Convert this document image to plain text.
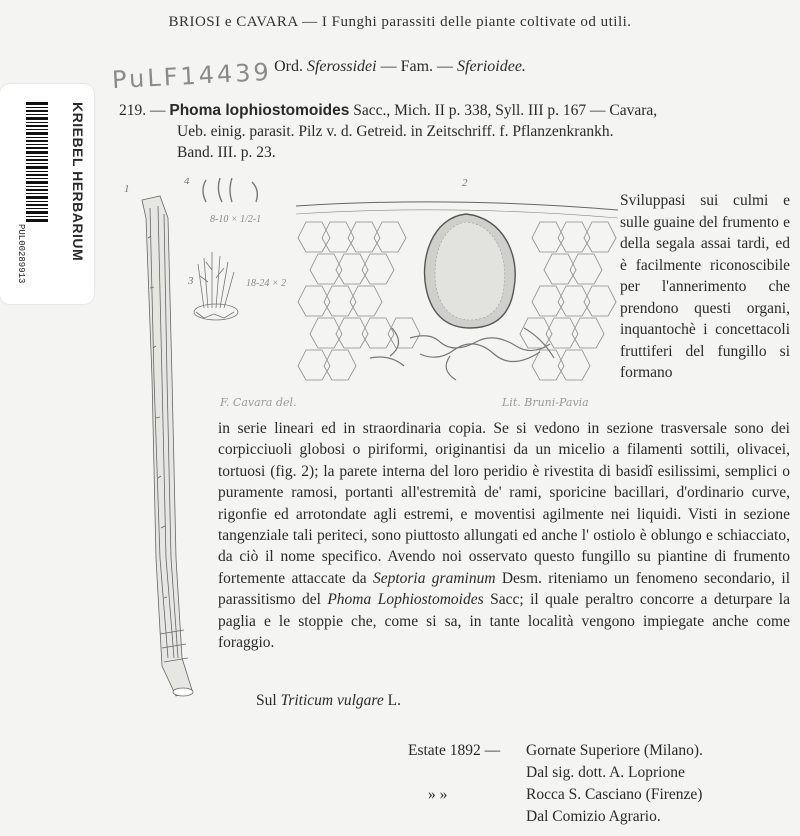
BRIOSI e CAVARA — I Funghi parassiti delle piante coltivate od utili.
Ord. Sferossidei — Fam. — Sferioidee.
PuLF14439
PUL00289913	KRIEBEL HERBARIUM 219. — Phoma lophiostomoides Sacc., Mich. II p. 338, Syll. III p. 167 — Cavara,
Ueb. einig. parasit. Pilz v. d. Getreid. in Zeitschriff. f. Pflanzenkrankh.
Band. III. p. 23.
1	2
3
4
8-10 × 1/2-1
18-24 × 2
F. Cavara del.	Lit. Bruni-Pavia
Sviluppasi sui culmi e sulle guaine del frumento e della segala assai tardi, ed è facilmente riconoscibile per l'annerimento che prendono questi organi, inquantochè i concettacoli fruttiferi del fungillo si formano
in serie lineari ed in straordinaria copia. Se si vedono in sezione trasversale sono dei corpicciuoli globosi o piriformi, originantisi da un micelio a filamenti sottili, olivacei, tortuosi (fig. 2); la parete interna del loro peridio è rivestita di basidî esilissimi, semplici o puramente ramosi, portanti all'estremità de' rami, sporicine bacillari, d'ordinario curve, rigonfie ed arrotondate agli estremi, e moventisi agilmente nei liquidi. Visti in sezione tangenziale tali periteci, sono piuttosto allungati ed anche l' ostiolo è oblungo e schiacciato, da ciò il nome specifico. Avendo noi osservato questo fungillo su piantine di frumento fortemente attaccate da Septoria graminum Desm. riteniamo un fenomeno secondario, il parassitismo del Phoma Lophiostomoides Sacc; il quale peraltro concorre a deturpare la paglia e le stoppie che, come si sa, in tante località vengono impiegate anche come foraggio.
Sul Triticum vulgare L.
Estate 1892 — Gornate Superiore (Milano).
Dal sig. dott. A. Loprione
» »	Rocca S. Casciano (Firenze)
Dal Comizio Agrario.
